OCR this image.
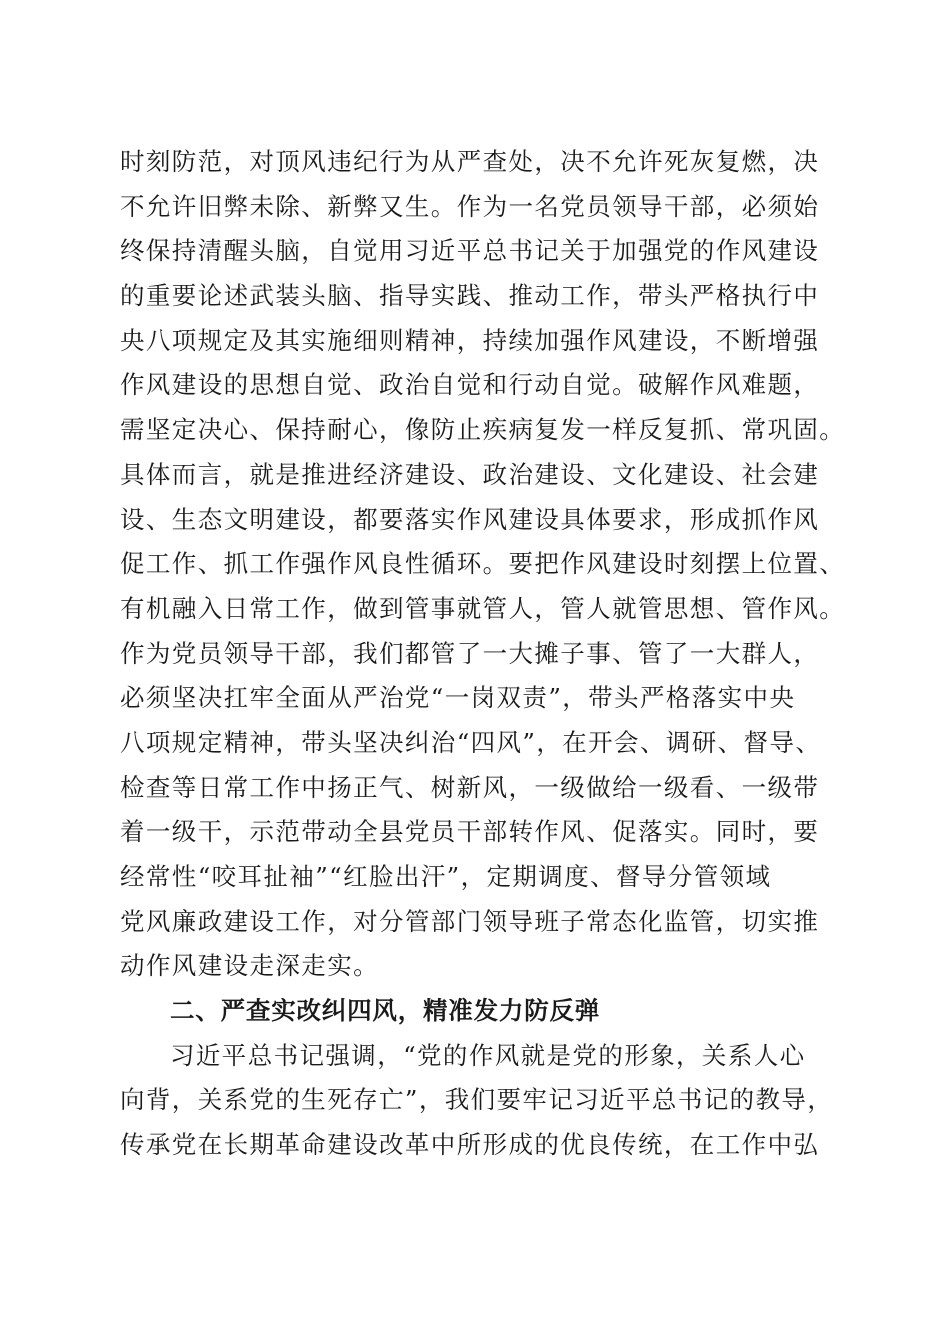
时刻防范，对顶风违纪行为从严查处，决不允许死灰复燃，决
不允许旧弊未除、新弊又生。作为一名党员领导干部，必须始
终保持清醒头脑，自觉用习近平总书记关于加强党的作风建设
的重要论述武装头脑、指导实践、推动工作，带头严格执行中
央八项规定及其实施细则精神，持续加强作风建设，不断增强
作风建设的思想自觉、政治自觉和行动自觉。破解作风难题，
需坚定决心、保持耐心，像防止疾病复发一样反复抓、常巩固。
具体而言，就是推进经济建设、政治建设、文化建设、社会建
设、生态文明建设，都要落实作风建设具体要求，形成抓作风
促工作、抓工作强作风良性循环。要把作风建设时刻摆上位置、
有机融入日常工作，做到管事就管人，管人就管思想、管作风。
作为党员领导干部，我们都管了一大摊子事、管了一大群人，
必须坚决扛牢全面从严治党“一岗双责”，带头严格落实中央
八项规定精神，带头坚决纠治“四风”，在开会、调研、督导、
检查等日常工作中扬正气、树新风，一级做给一级看、一级带
着一级干，示范带动全县党员干部转作风、促落实。同时，要
经常性“咬耳扯袖”“红脸出汗”，定期调度、督导分管领域
党风廉政建设工作，对分管部门领导班子常态化监管，切实推
动作风建设走深走实。
二、严查实改纠四风，精准发力防反弹
习近平总书记强调，“党的作风就是党的形象，关系人心
向背，关系党的生死存亡”，我们要牢记习近平总书记的教导，
传承党在长期革命建设改革中所形成的优良传统，在工作中弘
